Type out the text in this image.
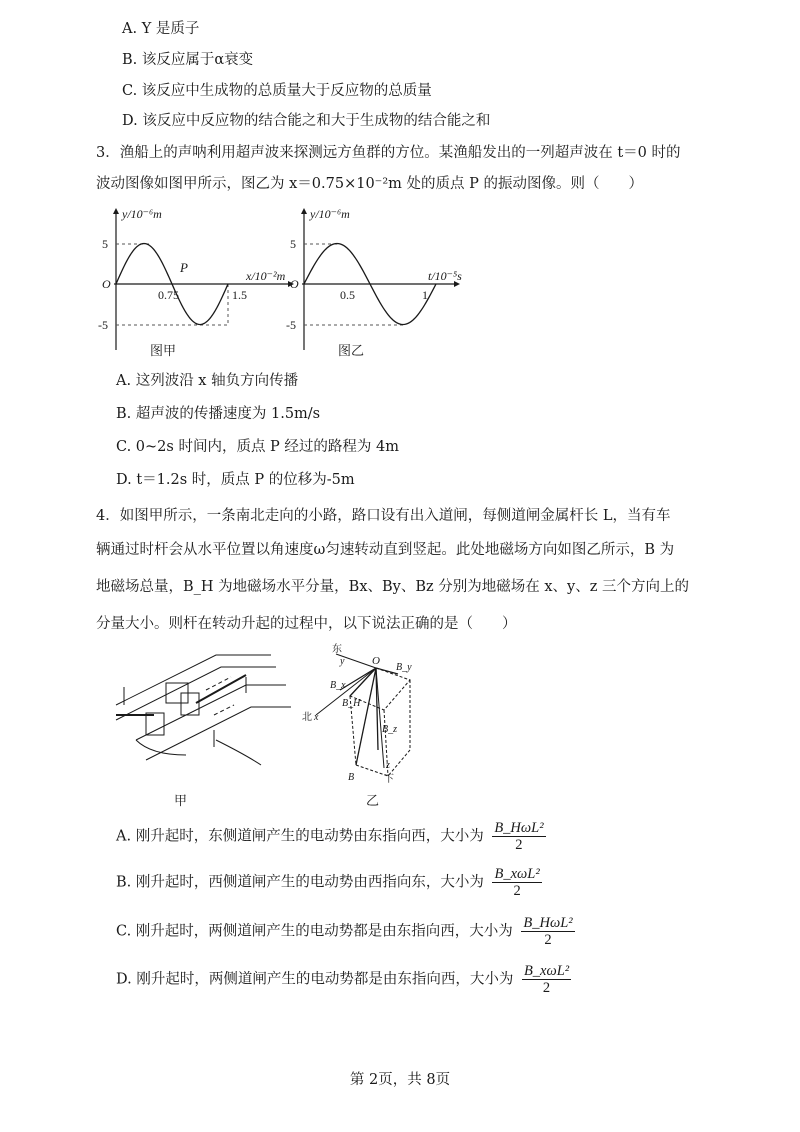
A. Y 是质子
B. 该反应属于α衰变
C. 该反应中生成物的总质量大于反应物的总质量
D. 该反应中反应物的结合能之和大于生成物的结合能之和
3．渔船上的声呐利用超声波来探测远方鱼群的方位。某渔船发出的一列超声波在 t＝0 时的
波动图像如图甲所示，图乙为 x＝0.75×10⁻²m 处的质点 P 的振动图像。则（　　）
y/10⁻⁶m
x/10⁻²m
O
P
5
-5
0.75	1.5
图甲
y/10⁻⁶m
t/10⁻⁵s
O
5
-5
0.5	1
图乙
A. 这列波沿 x 轴负方向传播
B. 超声波的传播速度为 1.5m/s
C. 0~2s 时间内，质点 P 经过的路程为 4m
D. t＝1.2s 时，质点 P 的位移为-5m
4．如图甲所示，一条南北走向的小路，路口设有出入道闸，每侧道闸金属杆长 L，当有车
辆通过时杆会从水平位置以角速度ω匀速转动直到竖起。此处地磁场方向如图乙所示，B 为
地磁场总量，B_H 为地磁场水平分量，Bx、By、Bz 分别为地磁场在 x、y、z 三个方向上的
分量大小。则杆在转动升起的过程中，以下说法正确的是（　　）
甲
东
y	O
B_y
B_x
B_H
北 x
B_z
B
z
下
乙
A. 刚升起时，东侧道闸产生的电动势由东指向西，大小为 $\frac{\text{B\_HωL²}}{2}$
B. 刚升起时，西侧道闸产生的电动势由西指向东，大小为 $\frac{\text{B\_xωL²}}{2}$
C. 刚升起时，两侧道闸产生的电动势都是由东指向西，大小为 $\frac{\text{B\_HωL²}}{2}$
D. 刚升起时，两侧道闸产生的电动势都是由东指向西，大小为 $\frac{\text{B\_xωL²}}{2}$
第 2页，共 8页
